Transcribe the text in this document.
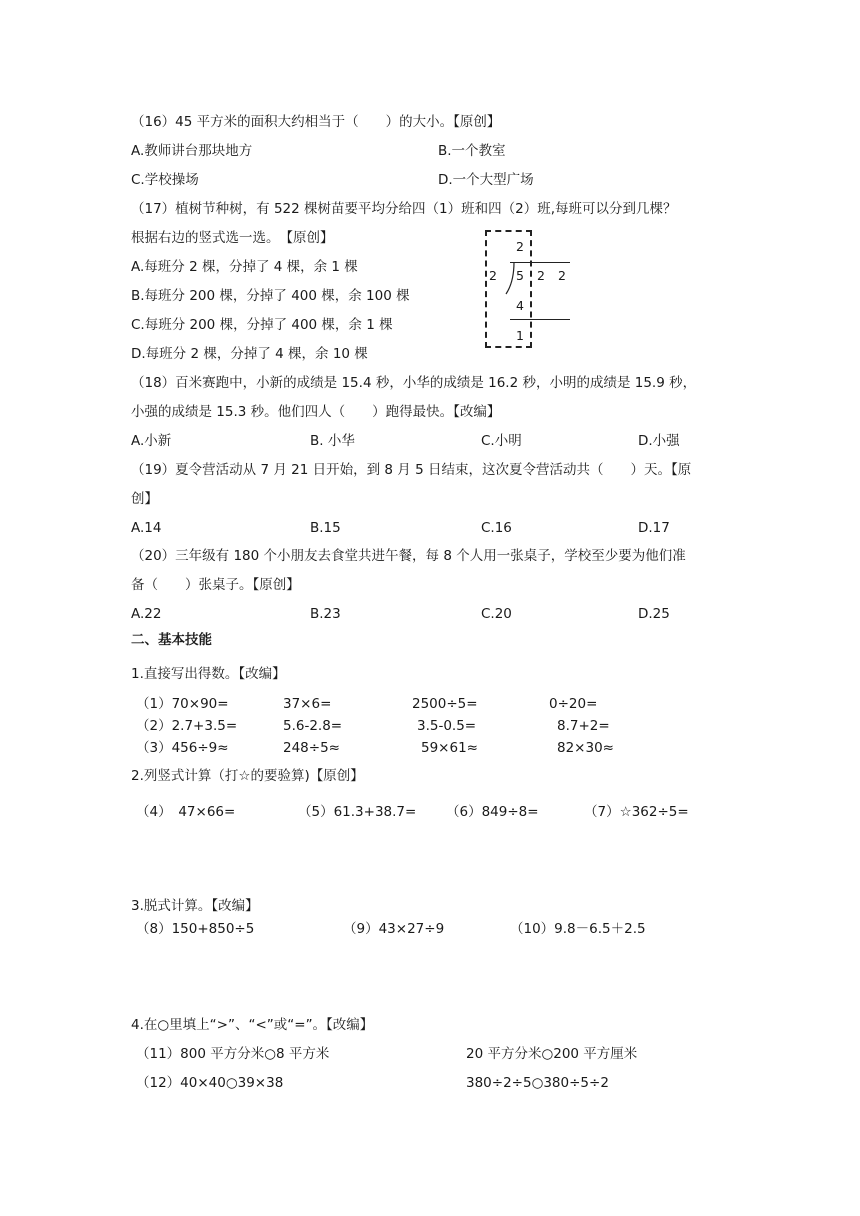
（16）45 平方米的面积大约相当于（　　）的大小。【原创】
A.教师讲台那块地方	B.一个教室
C.学校操场	D.一个大型广场
（17）植树节种树，有 522 棵树苗要平均分给四（1）班和四（2）班,每班可以分到几棵？
根据右边的竖式选一选。　【原创】
A.每班分 2 棵，分掉了 4 棵，余 1 棵
B.每班分 200 棵，分掉了 400 棵，余 100 棵
C.每班分 200 棵，分掉了 400 棵，余 1 棵
D.每班分 2 棵，分掉了 4 棵，余 10 棵
2
2 5 2 2
4
1
（18）百米赛跑中，小新的成绩是 15.4 秒，小华的成绩是 16.2 秒，小明的成绩是 15.9 秒，
小强的成绩是 15.3 秒。他们四人（　　）跑得最快。【改编】
A.小新	B. 小华	C.小明	D.小强
（19）夏令营活动从 7 月 21 日开始，到 8 月 5 日结束，这次夏令营活动共（　　）天。【原
创】
A.14	B.15	C.16	D.17
（20）三年级有 180 个小朋友去食堂共进午餐，每 8 个人用一张桌子，学校至少要为他们准
备（　　）张桌子。【原创】
A.22	B.23	C.20	D.25
二、基本技能
1.直接写出得数。【改编】
（1）70×90=	37×6=	2500÷5=	0÷20=
（2）2.7+3.5=	5.6-2.8=	3.5-0.5=	8.7+2=
（3）456÷9≈	248÷5≈	59×61≈	82×30≈
2.列竖式计算（打☆的要验算)【原创】
（4）　47×66=	（5）61.3+38.7= （6）849÷8=	（7）☆362÷5=
3.脱式计算。【改编】
（8）150+850÷5	（9）43×27÷9	（10）9.8－6.5＋2.5
4.在○里填上“>”、“<”或“=”。【改编】
（11）800 平方分米○8 平方米	20 平方分米○200 平方厘米
（12）40×40○39×38	380÷2÷5○380÷5÷2
